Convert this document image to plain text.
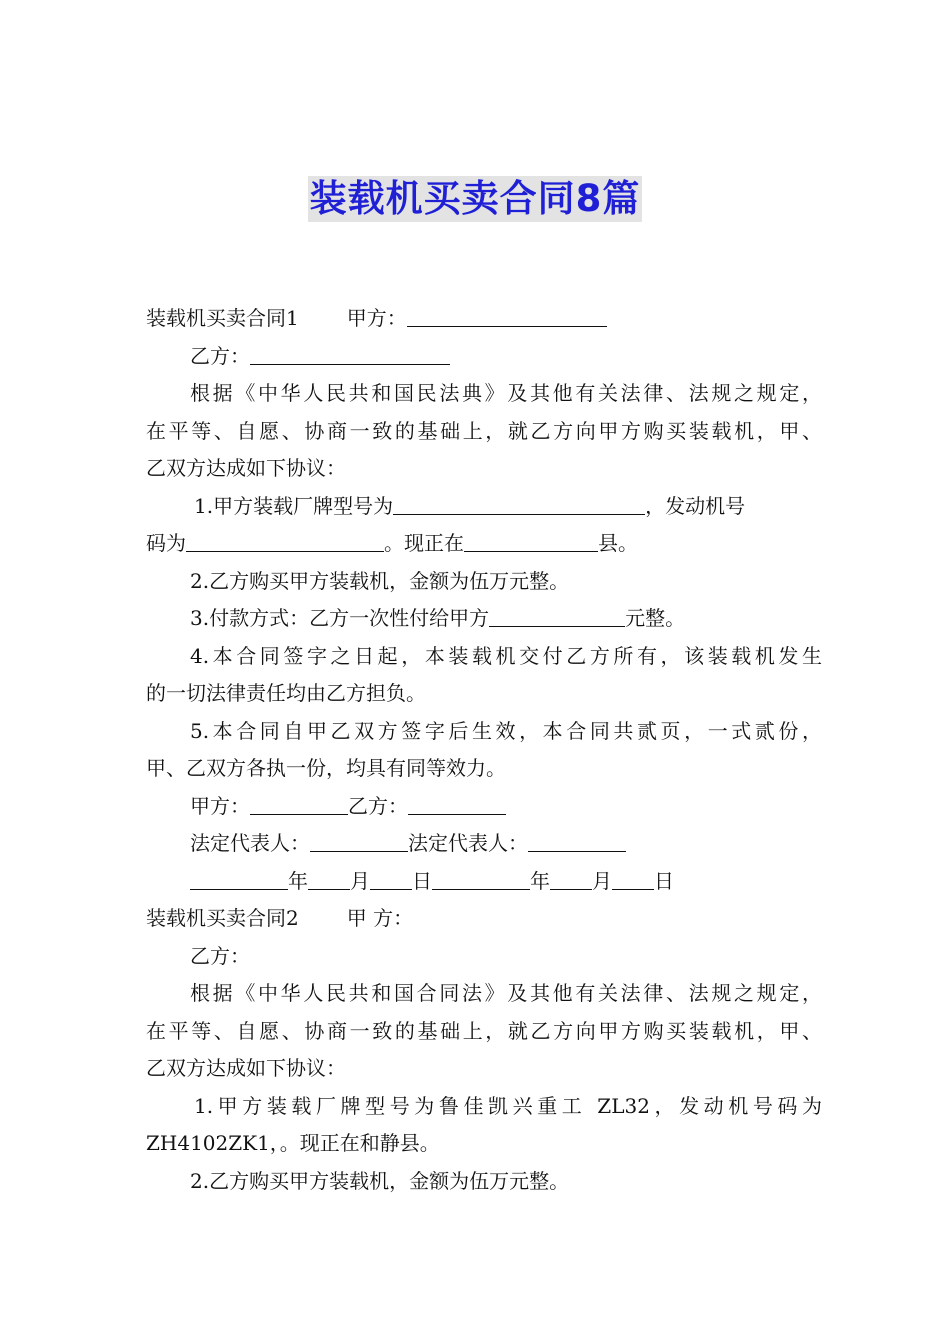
装载机买卖合同8篇
装载机买卖合同1 甲方：
乙方：
根据《中华人民共和国民法典》及其他有关法律、法规之规定，
在平等、自愿、协商一致的基础上，就乙方向甲方购买装载机，甲、
乙双方达成如下协议：
1.甲方装载厂牌型号为	，发动机号
码为	。现正在	县。
2.乙方购买甲方装载机，金额为伍万元整。
3.付款方式：乙方一次性付给甲方	元整。
4.本合同签字之日起，本装载机交付乙方所有，该装载机发生
的一切法律责任均由乙方担负。
5.本合同自甲乙双方签字后生效，本合同共贰页，一式贰份，
甲、乙双方各执一份，均具有同等效力。
甲方：	乙方：
法定代表人：	法定代表人：
年 月 日	年 月 日
装载机买卖合同2 甲 方：
乙方：
根据《中华人民共和国合同法》及其他有关法律、法规之规定，
在平等、自愿、协商一致的基础上，就乙方向甲方购买装载机，甲、
乙双方达成如下协议：
1.甲方装载厂牌型号为鲁佳凯兴重工 ZL32，发动机号码为
ZH4102ZK1，。现正在和静县。
2.乙方购买甲方装载机，金额为伍万元整。
